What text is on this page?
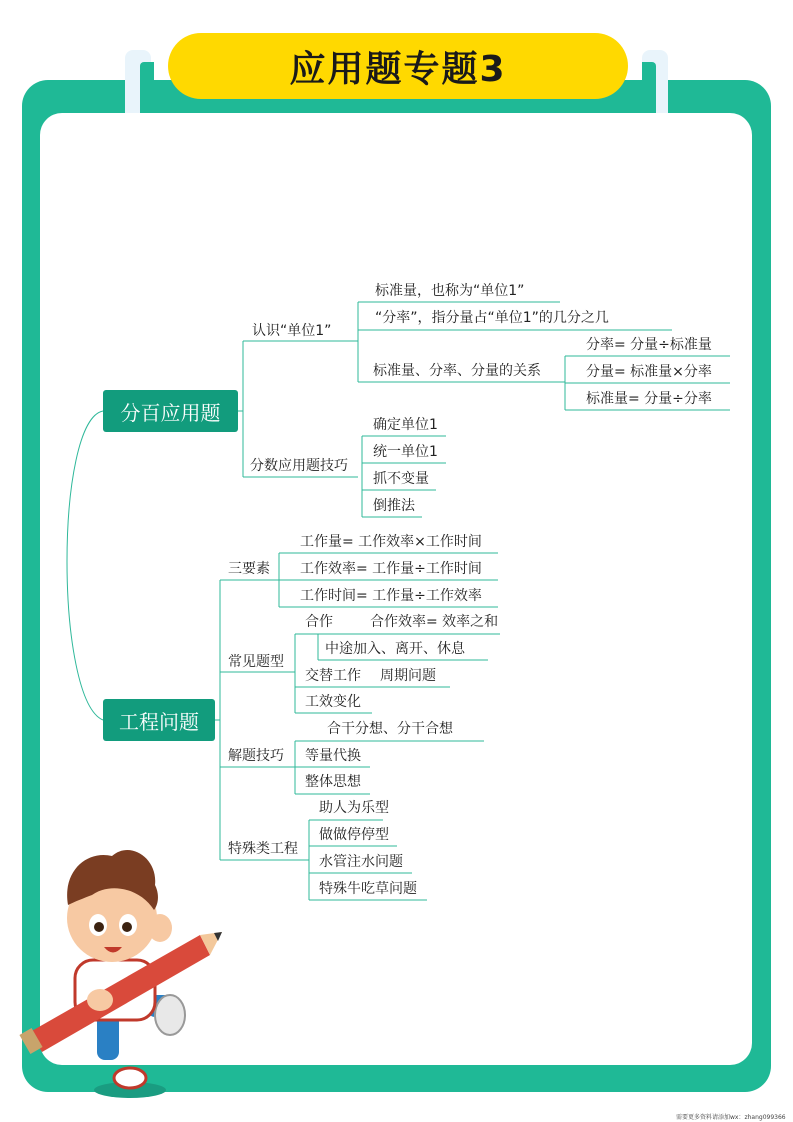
应用题专题3
分百应用题
工程问题
认识“单位1”
标准量，也称为“单位1”
“分率”，指分量占“单位1”的几分之几
标准量、分率、分量的关系
分率= 分量÷标准量
分量= 标准量×分率
标准量= 分量÷分率
分数应用题技巧
确定单位1
统一单位1
抓不变量
倒推法
三要素
工作量= 工作效率×工作时间
工作效率= 工作量÷工作时间
工作时间= 工作量÷工作效率
常见题型
合作	合作效率= 效率之和
中途加入、离开、休息
交替工作 周期问题
工效变化
解题技巧
合干分想、分干合想
等量代换
整体思想
特殊类工程
助人为乐型
做做停停型
水管注水问题
特殊牛吃草问题
需要更多资料请添加wx：zhang099366
